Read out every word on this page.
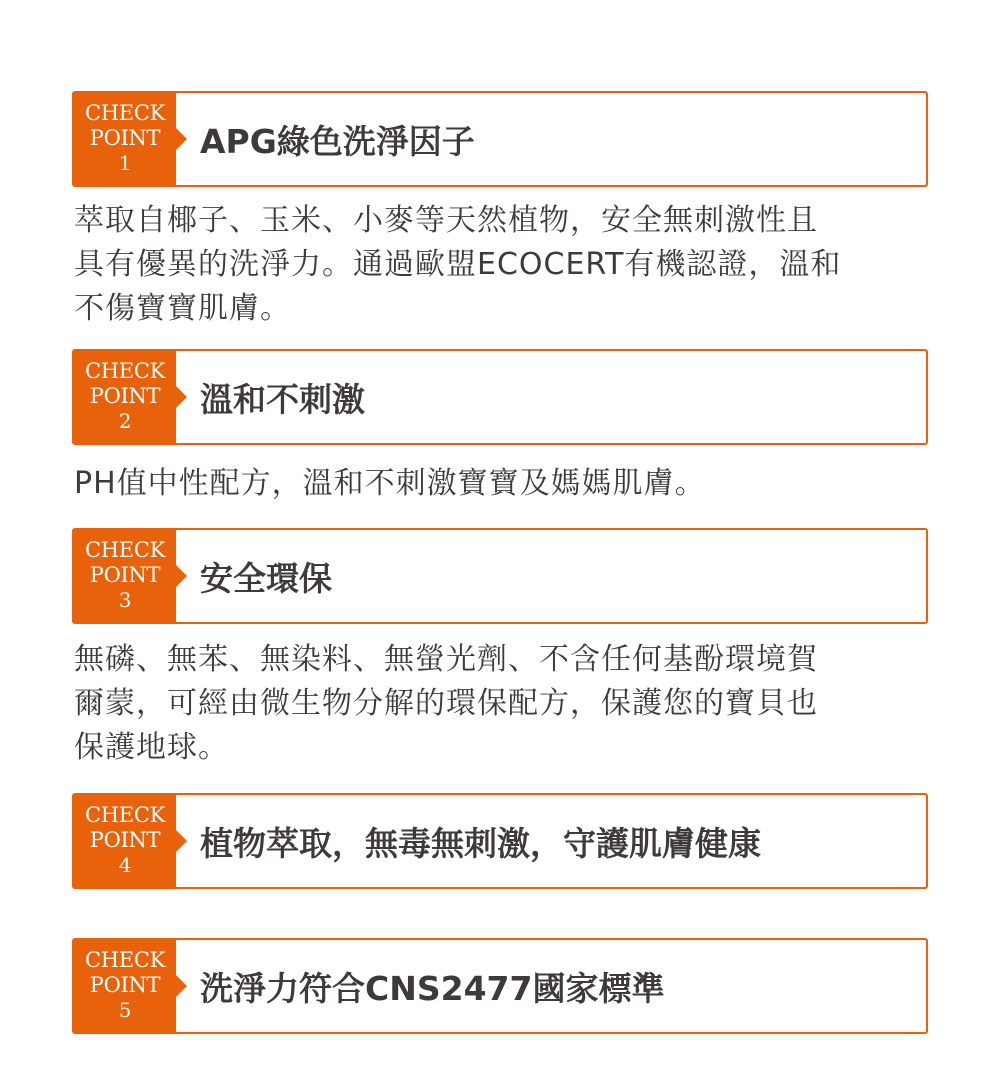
CHECK
POINT
1
APG綠色洗淨因子
萃取自椰子、玉米、小麥等天然植物，安全無刺激性且
具有優異的洗淨力。通過歐盟ECOCERT有機認證，溫和
不傷寶寶肌膚。
CHECK
POINT
2
溫和不刺激
PH值中性配方，溫和不刺激寶寶及媽媽肌膚。
CHECK
POINT
3
安全環保
無磷、無苯、無染料、無螢光劑、不含任何基酚環境賀
爾蒙，可經由微生物分解的環保配方，保護您的寶貝也
保護地球。
CHECK
POINT
4
植物萃取，無毒無刺激，守護肌膚健康
CHECK
POINT
5
洗淨力符合CNS2477國家標準
